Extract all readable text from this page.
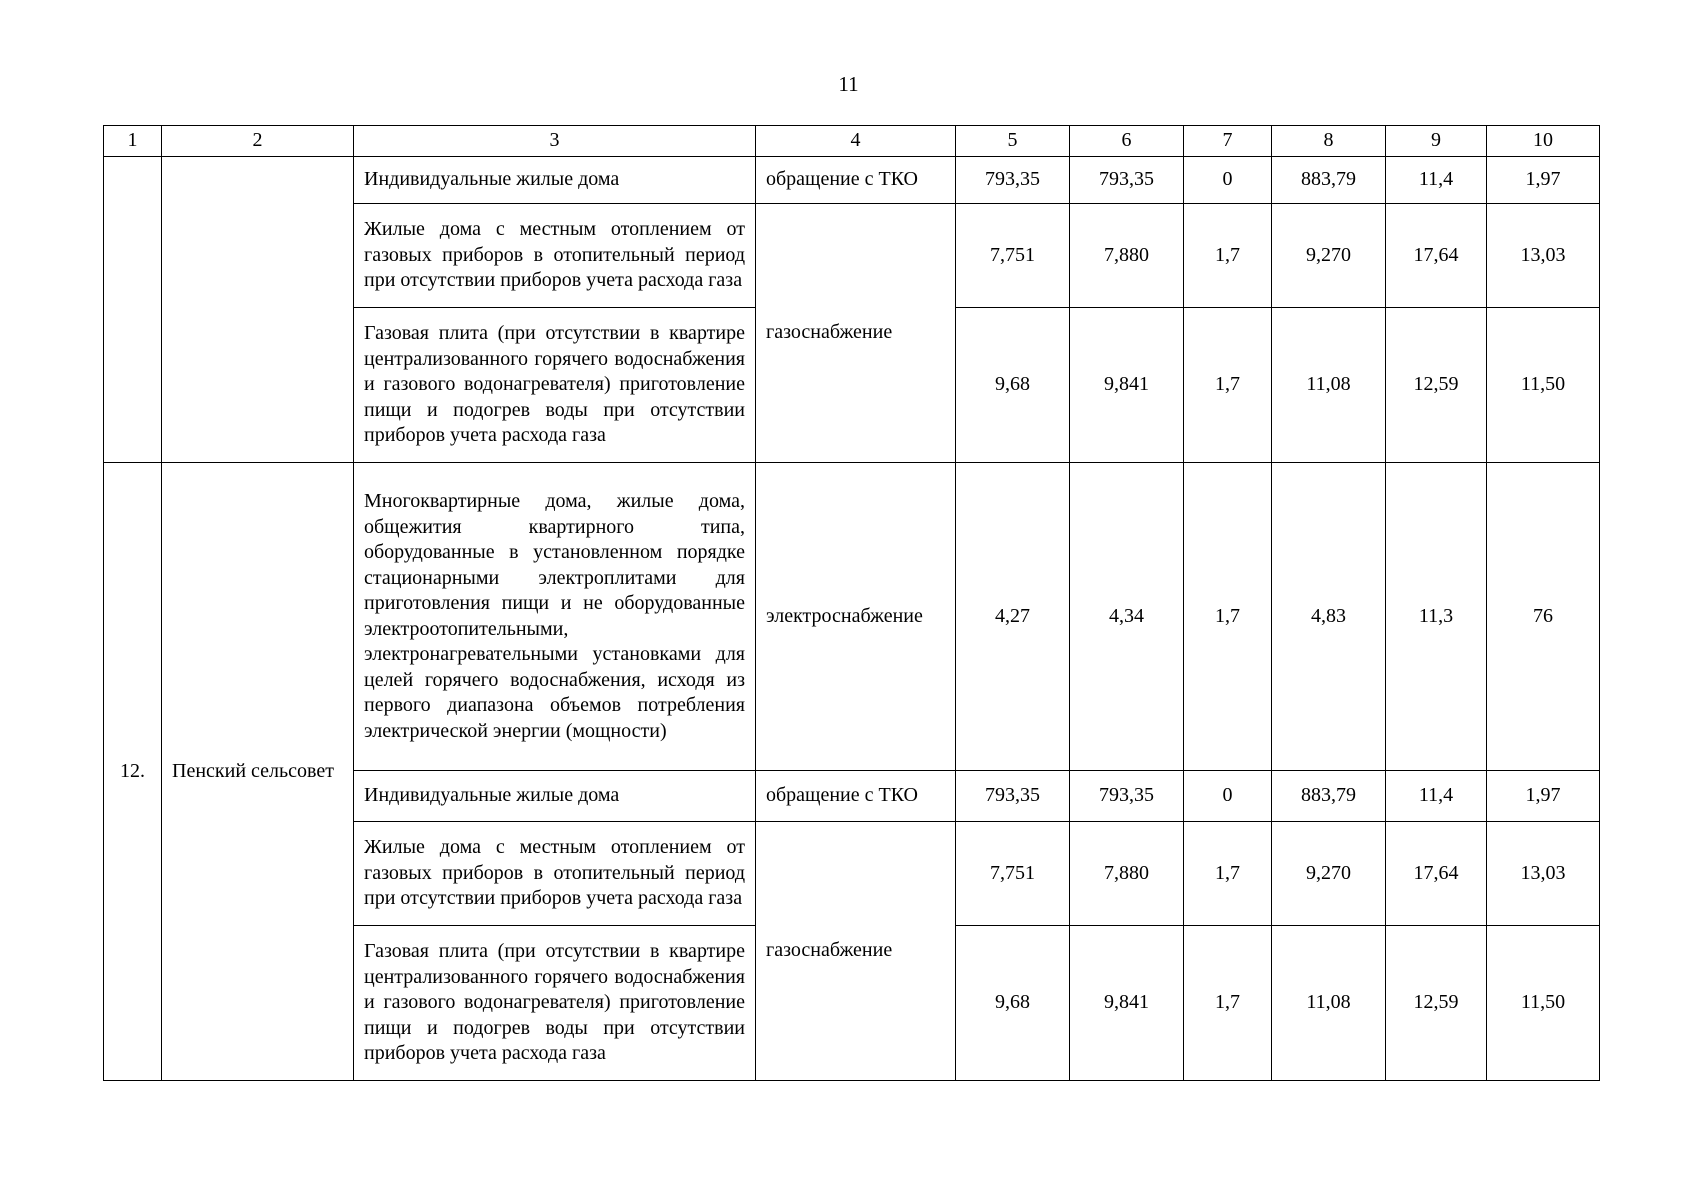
11
1	2	3	4	5	6	7	8	9	10
		Индивидуальные жилые дома	обращение с ТКО	793,35	793,35	0	883,79	11,4	1,97
		Жилые дома с местным отоплением от газовых приборов в отопительный период при отсутствии приборов учета расхода газа	газоснабжение	7,751	7,880	1,7	9,270	17,64	13,03
		Газовая плита (при отсутствии в квартире централизованного горячего водоснабжения и газового водонагревателя) приготовление пищи и подогрев воды при отсутствии приборов учета расхода газа		9,68	9,841	1,7	11,08	12,59	11,50
12.	Пенский сельсовет	Многоквартирные дома, жилые дома, общежития квартирного типа, оборудованные в установленном порядке стационарными электроплитами для приготовления пищи и не оборудованные электроотопительными, электронагревательными установками для целей горячего водоснабжения, исходя из первого диапазона объемов потребления электрической энергии (мощности)	электроснабжение	4,27	4,34	1,7	4,83	11,3	76
		Индивидуальные жилые дома	обращение с ТКО	793,35	793,35	0	883,79	11,4	1,97
		Жилые дома с местным отоплением от газовых приборов в отопительный период при отсутствии приборов учета расхода газа	газоснабжение	7,751	7,880	1,7	9,270	17,64	13,03
		Газовая плита (при отсутствии в квартире централизованного горячего водоснабжения и газового водонагревателя) приготовление пищи и подогрев воды при отсутствии приборов учета расхода газа		9,68	9,841	1,7	11,08	12,59	11,50
